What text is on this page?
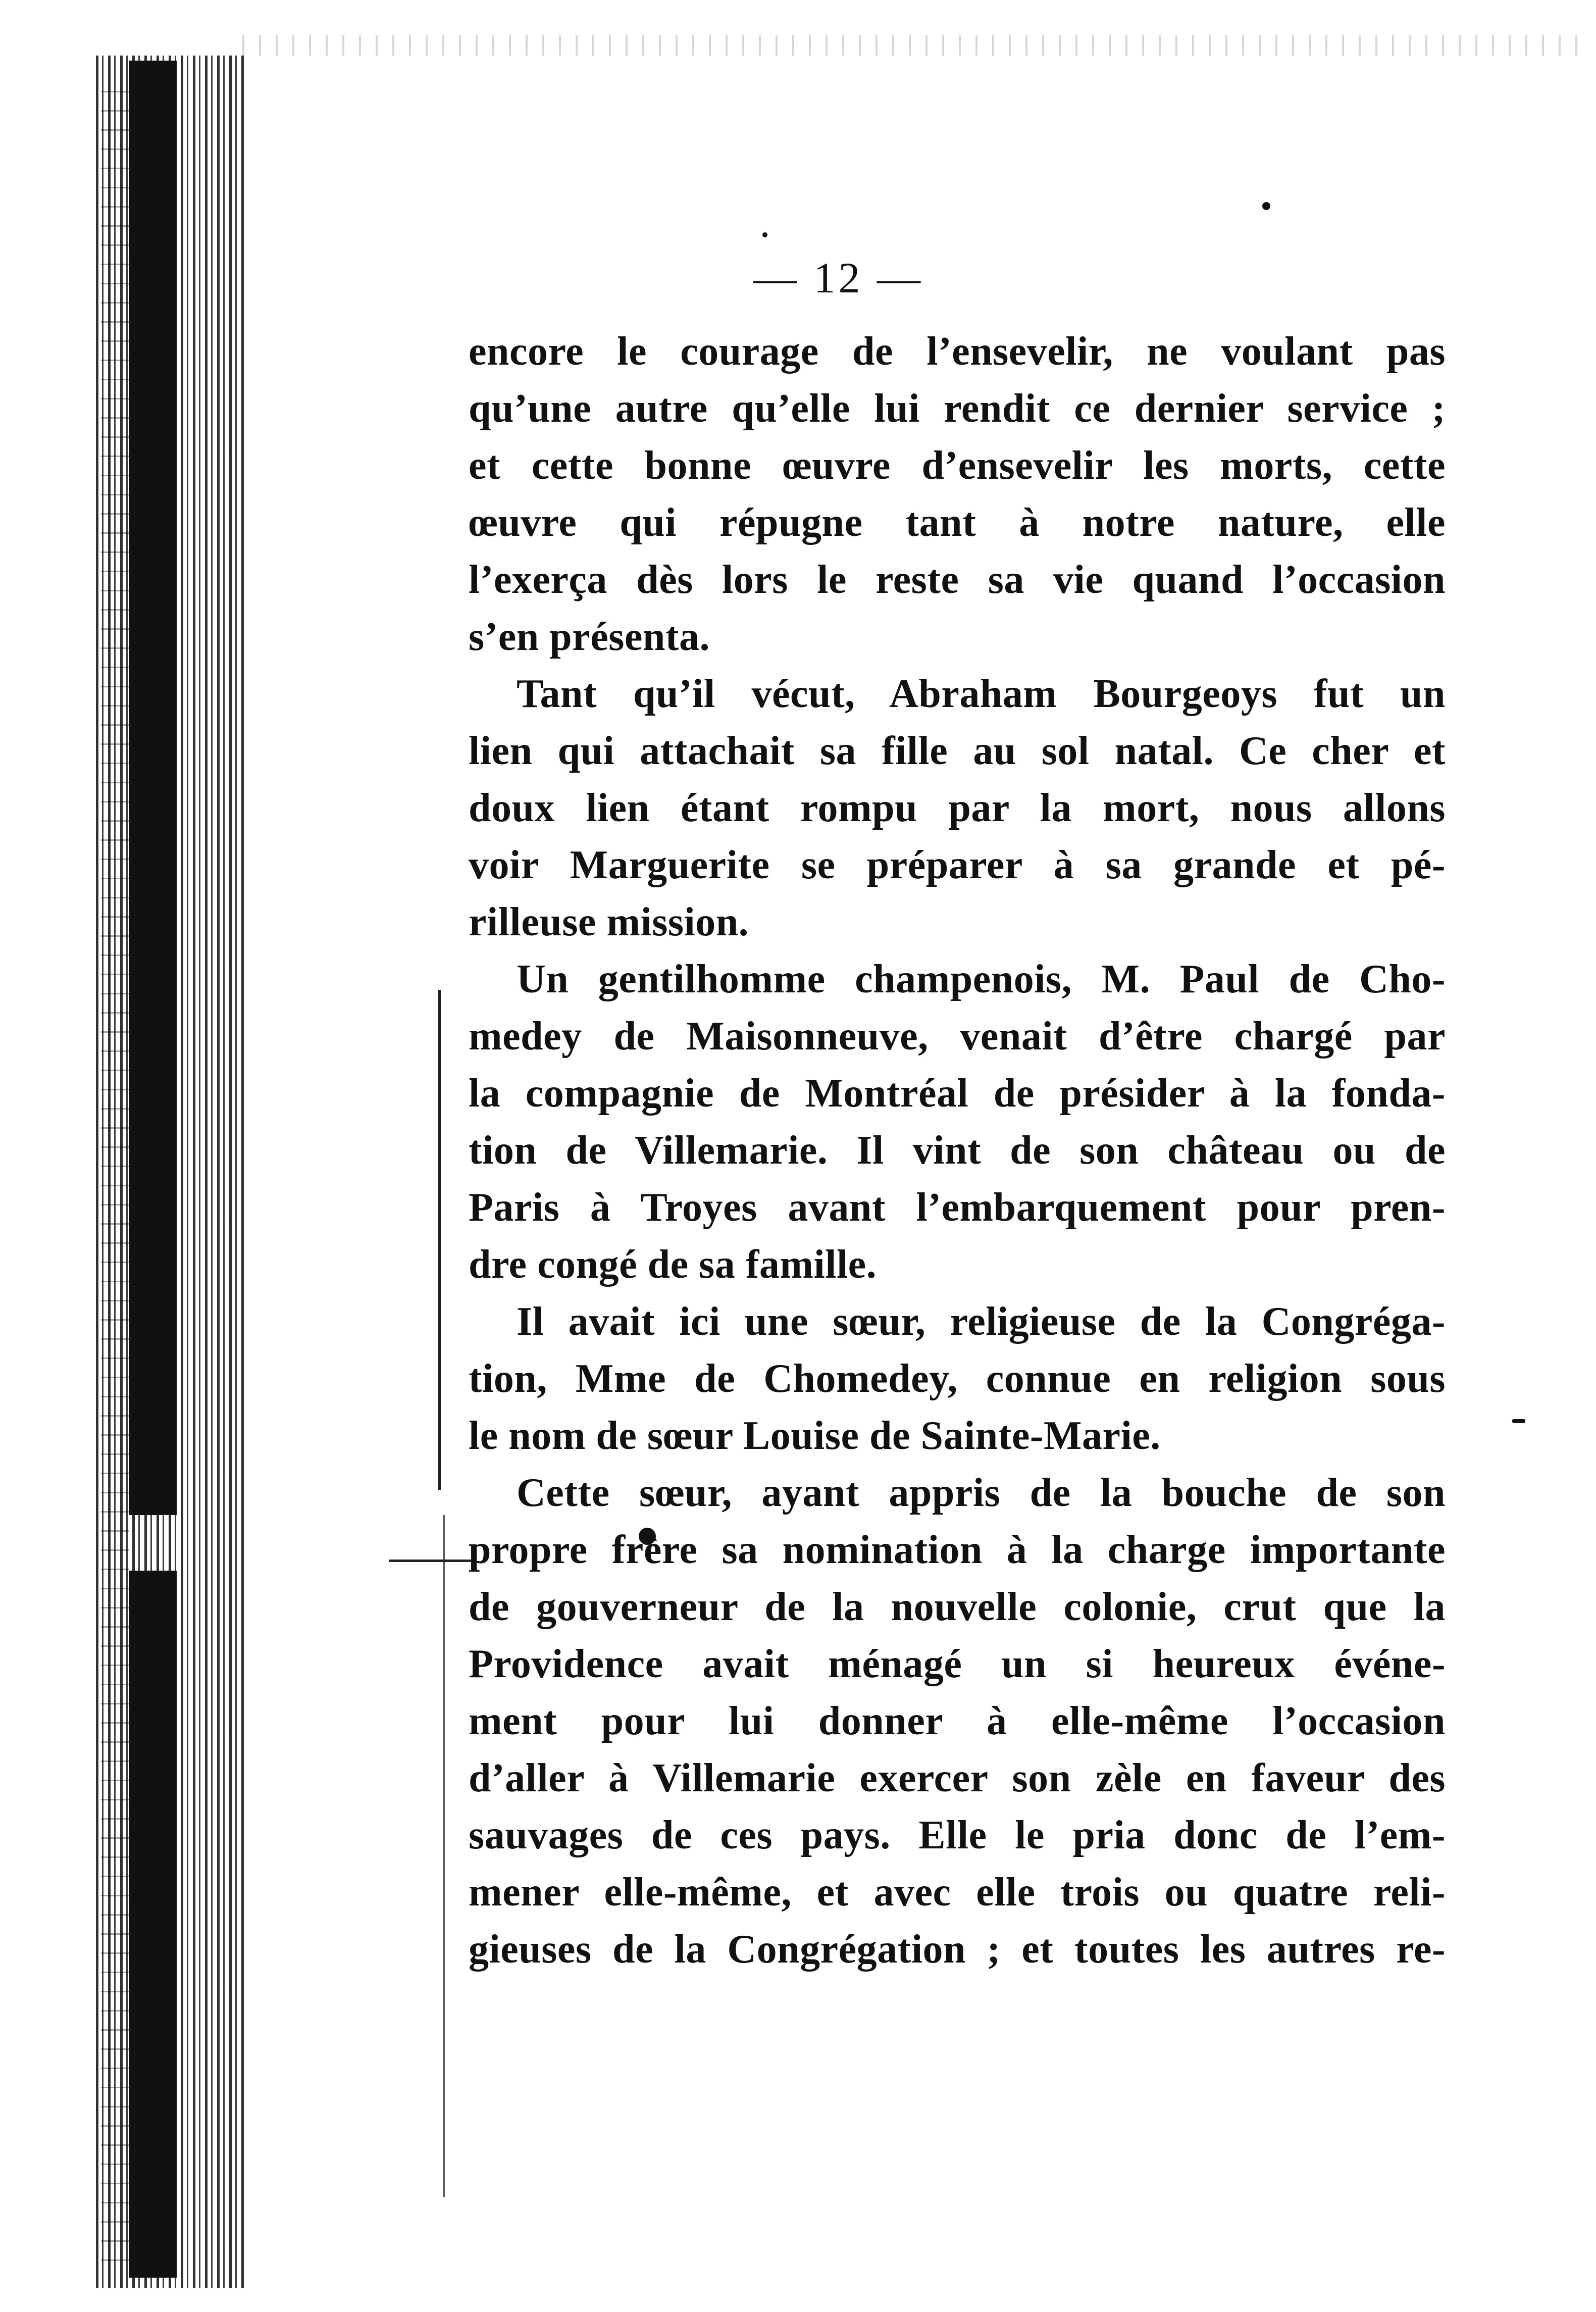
— 12 —

encore le courage de l’ensevelir, ne voulant pas
qu’une autre qu’elle lui rendit ce dernier service ;
et cette bonne œuvre d’ensevelir les morts, cette
œuvre qui répugne tant à notre nature, elle
l’exerça dès lors le reste sa vie quand l’occasion
s’en présenta.

Tant qu’il vécut, Abraham Bourgeoys fut un
lien qui attachait sa fille au sol natal. Ce cher et
doux lien étant rompu par la mort, nous allons
voir Marguerite se préparer à sa grande et pé-
rilleuse mission.

Un gentilhomme champenois, M. Paul de Cho-
medey de Maisonneuve, venait d’être chargé par
la compagnie de Montréal de présider à la fonda-
tion de Villemarie. Il vint de son château ou de
Paris à Troyes avant l’embarquement pour pren-
dre congé de sa famille.

Il avait ici une sœur, religieuse de la Congréga-
tion, Mme de Chomedey, connue en religion sous
le nom de sœur Louise de Sainte-Marie.

Cette sœur, ayant appris de la bouche de son
propre frère sa nomination à la charge importante
de gouverneur de la nouvelle colonie, crut que la
Providence avait ménagé un si heureux événe-
ment pour lui donner à elle-même l’occasion
d’aller à Villemarie exercer son zèle en faveur des
sauvages de ces pays. Elle le pria donc de l’em-
mener elle-même, et avec elle trois ou quatre reli-
gieuses de la Congrégation ; et toutes les autres re-
